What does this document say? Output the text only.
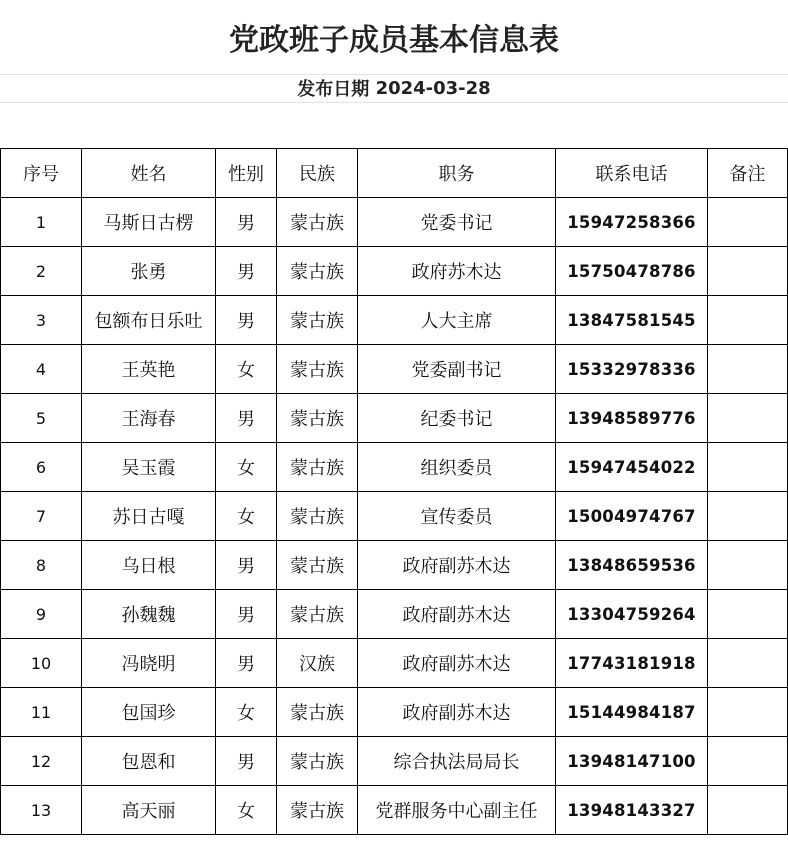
党政班子成员基本信息表
发布日期
2024-03-28
序号	姓名	性别	民族	职务	联系电话	备注
1	马斯日古楞	男	蒙古族	党委书记	15947258366	
2	张勇	男	蒙古族	政府苏木达	15750478786	
3	包额布日乐吐	男	蒙古族	人大主席	13847581545	
4	王英艳	女	蒙古族	党委副书记	15332978336	
5	王海春	男	蒙古族	纪委书记	13948589776	
6	吴玉霞	女	蒙古族	组织委员	15947454022	
7	苏日古嘎	女	蒙古族	宣传委员	15004974767	
8	乌日根	男	蒙古族	政府副苏木达	13848659536	
9	孙魏魏	男	蒙古族	政府副苏木达	13304759264	
10	冯晓明	男	汉族	政府副苏木达	17743181918	
11	包国珍	女	蒙古族	政府副苏木达	15144984187	
12	包恩和	男	蒙古族	综合执法局局长	13948147100	
13	高天丽	女	蒙古族	党群服务中心副主任	13948143327	
